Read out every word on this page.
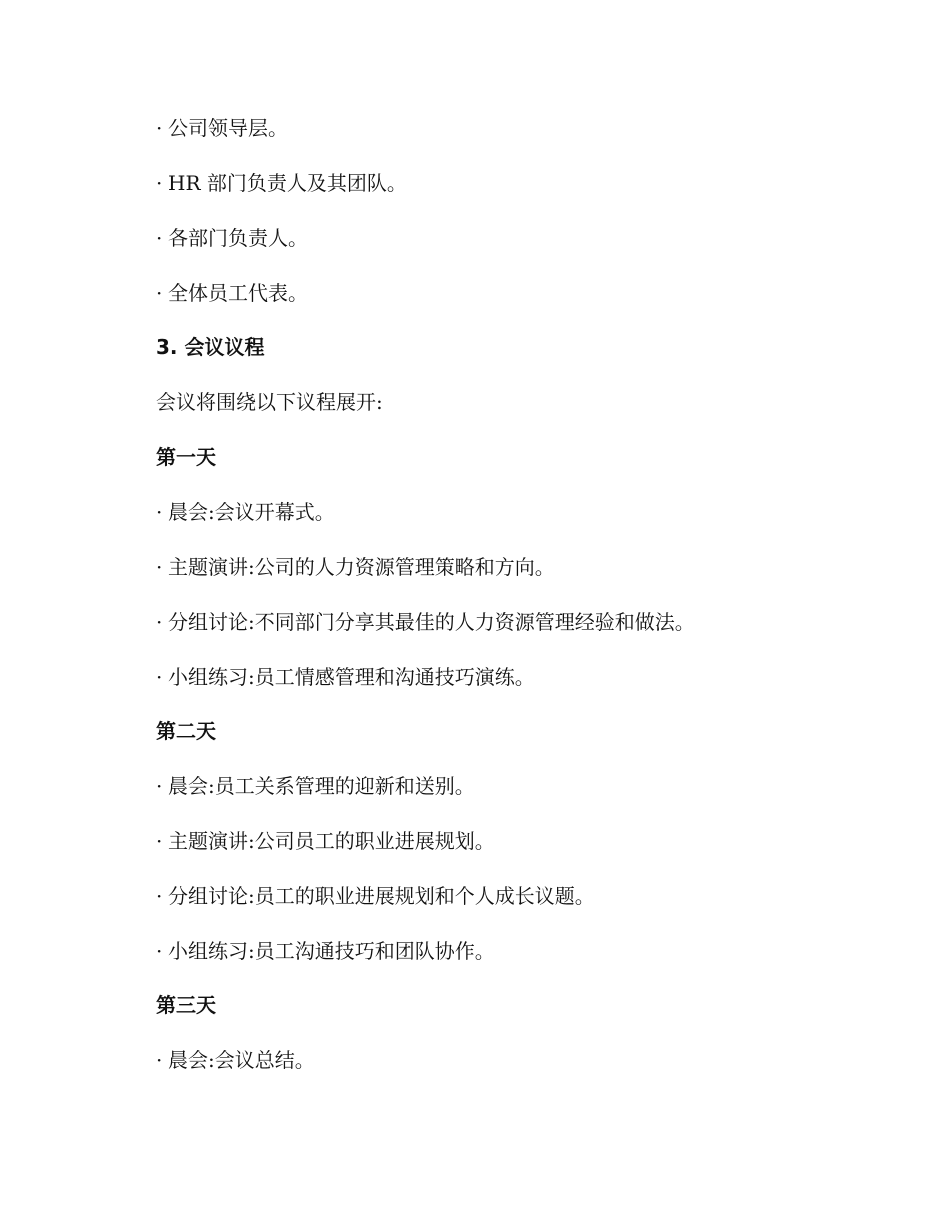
· 公司领导层。
· HR 部门负责人及其团队。
· 各部门负责人。
· 全体员工代表。
3. 会议议程
会议将围绕以下议程展开:
第一天
· 晨会:会议开幕式。
· 主题演讲:公司的人力资源管理策略和方向。
· 分组讨论:不同部门分享其最佳的人力资源管理经验和做法。
· 小组练习:员工情感管理和沟通技巧演练。
第二天
· 晨会:员工关系管理的迎新和送别。
· 主题演讲:公司员工的职业进展规划。
· 分组讨论:员工的职业进展规划和个人成长议题。
· 小组练习:员工沟通技巧和团队协作。
第三天
· 晨会:会议总结。
